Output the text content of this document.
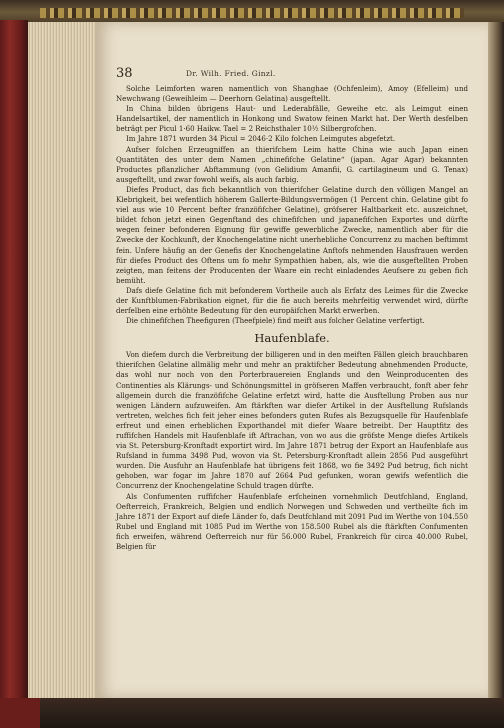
38	Dr. Wilh. Fried. Ginzl.

Solche Leimforten waren namentlich von Shanghae (Ochfenleim), Amoy (Efelleim) und Newchwang (Geweihleim — Deerhorn Gelatina) ausgeftellt.

In China bilden übrigens Haut- und Lederabfälle, Geweihe etc. als Leimgut einen Handelsartikel, der namentlich in Honkong und Swatow feinen Markt hat. Der Werth desfelben beträgt per Picul 1·60 Haikw. Tael = 2 Reichsthaler 10½ Silbergrofchen.

Im Jahre 1871 wurden 34 Picul = 2046·2 Kilo folchen Leimgutes abgefetzt.

Aufser folchen Erzeugniffen an thierifchem Leim hatte China wie auch Japan einen Quantitäten des unter dem Namen „chinefifche Gelatine“ (japan. Agar Agar) bekannten Productes pflanzlicher Abftammung (von Gelidium Amanfii, G. cartilagineum und G. Tenax) ausgeftellt, und zwar fowohl weifs, als auch farbig.

Diefes Product, das fich bekanntlich von thierifcher Gelatine durch den völligen Mangel an Klebrigkeit, bei wefentlich höherem Gallerte-Bildungsvermögen (1 Percent chin. Gelatine gibt fo viel aus wie 10 Percent befter franzöfifcher Gelatine), gröfserer Haltbarkeit etc. auszeichnet, bildet fchon jetzt einen Gegenftand des chinefifchen und japanefifchen Exportes und dürfte wegen feiner befonderen Eignung für gewiffe gewerbliche Zwecke, namentlich aber für die Zwecke der Kochkunft, der Knochengelatine nicht unerhebliche Concurrenz zu machen beftimmt fein. Unfere häufig an der Genefis der Knochengelatine Anftofs nehmenden Hausfrauen werden für diefes Product des Oftens um fo mehr Sympathien haben, als, wie die ausgeftellten Proben zeigten, man feitens der Producenten der Waare ein recht einladendes Aeufsere zu geben fich bemüht.

Dafs diefe Gelatine fich mit befonderem Vortheile auch als Erfatz des Leimes für die Zwecke der Kunftblumen-Fabrikation eignet, für die fie auch bereits mehrfeitig verwendet wird, dürfte derfelben eine erhöhte Bedeutung für den europäifchen Markt erwerben.

Die chinefifchen Theefiguren (Theefpiele) find meift aus folcher Gelatine verfertigt.

Haufenblafe.

Von diefem durch die Verbreitung der billigeren und in den meiften Fällen gleich brauchbaren thierifchen Gelatine allmälig mehr und mehr an praktifcher Bedeutung abnehmenden Producte, das wohl nur noch von den Porterbrauereien Englands und den Weinproducenten des Continenties als Klärungs- und Schönungsmittel in gröfseren Maffen verbraucht, fonft aber fehr allgemein durch die franzöfifche Gelatine erfetzt wird, hatte die Ausftellung Proben aus nur wenigen Ländern aufzuweifen. Am ftärkften war diefer Artikel in der Ausftellung Rufslands vertreten, welches fich feit jeher eines befonders guten Rufes als Bezugsquelle für Haufenblafe erfreut und einen erheblichen Exporthandel mit diefer Waare betreibt. Der Hauptfitz des ruffifchen Handels mit Haufenblafe ift Aftrachan, von wo aus die gröfste Menge diefes Artikels via St. Petersburg-Kronftadt exportirt wird. Im Jahre 1871 betrug der Export an Haufenblafe aus Rufsland in fumma 3498 Pud, wovon via St. Petersburg-Kronftadt allein 2856 Pud ausgeführt wurden. Die Ausfuhr an Haufenblafe hat übrigens feit 1868, wo fie 3492 Pud betrug, fich nicht gehoben, war fogar im Jahre 1870 auf 2664 Pud gefunken, woran gewifs wefentlich die Concurrenz der Knochengelatine Schuld tragen dürfte.

Als Confumenten ruffifcher Haufenblafe erfcheinen vornehmlich Deutfchland, England, Oefterreich, Frankreich, Belgien und endlich Norwegen und Schweden und vertheilte fich im Jahre 1871 der Export auf diefe Länder fo, dafs Deutfchland mit 2091 Pud im Werthe von 104.550 Rubel und England mit 1085 Pud im Werthe von 158.500 Rubel als die ftärkften Confumenten fich erweifen, während Oefterreich nur für 56.000 Rubel, Frankreich für circa 40.000 Rubel, Belgien für
